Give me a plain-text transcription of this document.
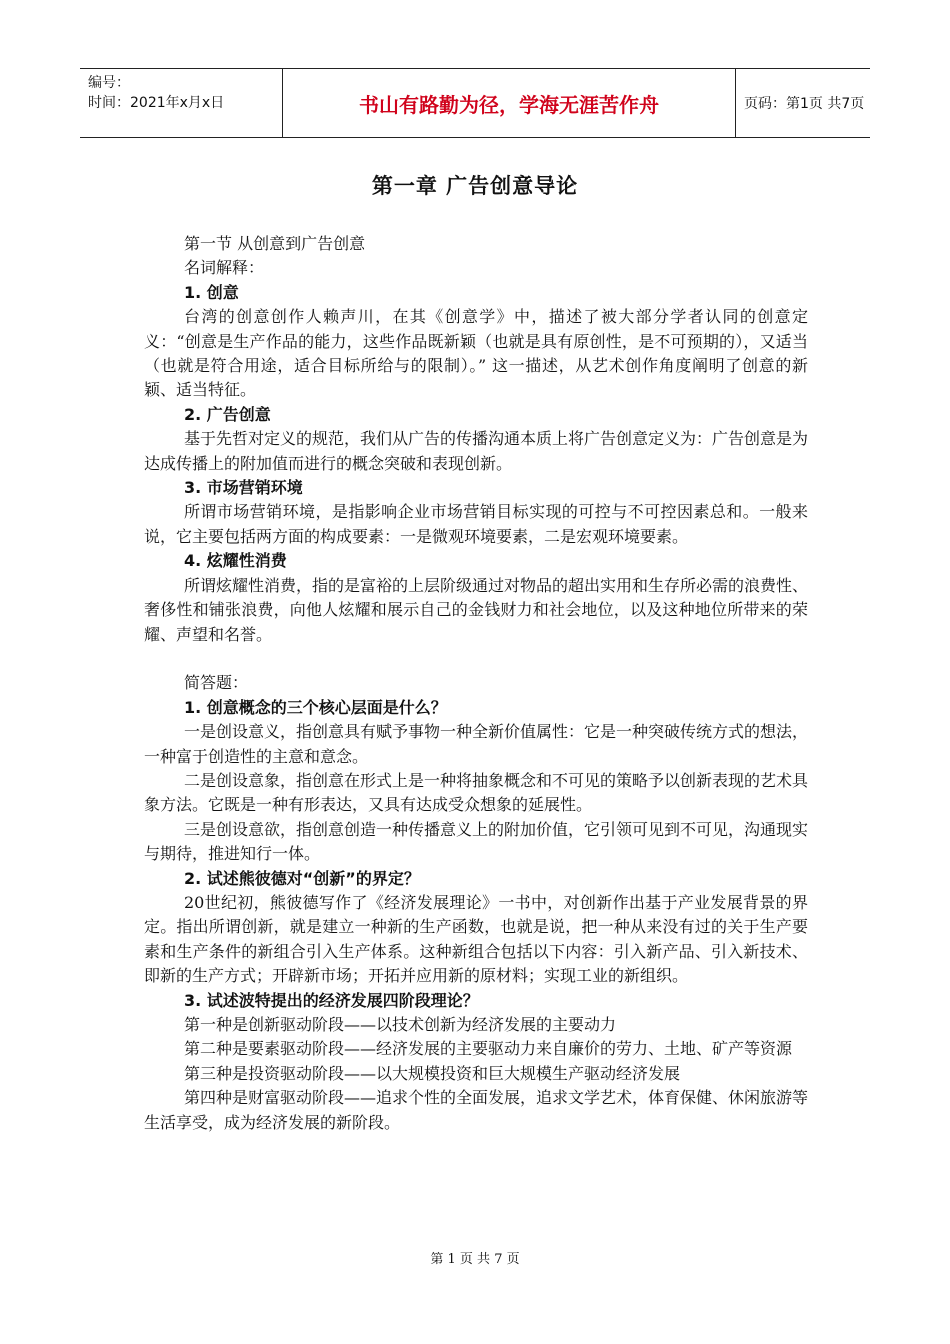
编号：
时间：2021年x月x日	书山有路勤为径，学海无涯苦作舟	页码：第1页 共7页
第一章 广告创意导论

第一节 从创意到广告创意

名词解释：

1. 创意

台湾的创意创作人赖声川，在其《创意学》中，描述了被大部分学者认同的创意定义：“创意是生产作品的能力，这些作品既新颖（也就是具有原创性，是不可预期的），又适当（也就是符合用途，适合目标所给与的限制）。” 这一描述，从艺术创作角度阐明了创意的新颖、适当特征。

2. 广告创意

基于先哲对定义的规范，我们从广告的传播沟通本质上将广告创意定义为：广告创意是为达成传播上的附加值而进行的概念突破和表现创新。

3. 市场营销环境

所谓市场营销环境，是指影响企业市场营销目标实现的可控与不可控因素总和。一般来说，它主要包括两方面的构成要素：一是微观环境要素，二是宏观环境要素。

4. 炫耀性消费

所谓炫耀性消费，指的是富裕的上层阶级通过对物品的超出实用和生存所必需的浪费性、奢侈性和铺张浪费，向他人炫耀和展示自己的金钱财力和社会地位，以及这种地位所带来的荣耀、声望和名誉。

简答题：

1. 创意概念的三个核心层面是什么？

一是创设意义，指创意具有赋予事物一种全新价值属性：它是一种突破传统方式的想法，一种富于创造性的主意和意念。

二是创设意象，指创意在形式上是一种将抽象概念和不可见的策略予以创新表现的艺术具象方法。它既是一种有形表达，又具有达成受众想象的延展性。

三是创设意欲，指创意创造一种传播意义上的附加价值，它引领可见到不可见，沟通现实与期待，推进知行一体。

2. 试述熊彼德对“创新”的界定？

20世纪初，熊彼德写作了《经济发展理论》一书中，对创新作出基于产业发展背景的界定。指出所谓创新，就是建立一种新的生产函数，也就是说，把一种从来没有过的关于生产要素和生产条件的新组合引入生产体系。这种新组合包括以下内容：引入新产品、引入新技术、即新的生产方式；开辟新市场；开拓并应用新的原材料；实现工业的新组织。

3. 试述波特提出的经济发展四阶段理论？

第一种是创新驱动阶段——以技术创新为经济发展的主要动力

第二种是要素驱动阶段——经济发展的主要驱动力来自廉价的劳力、土地、矿产等资源

第三种是投资驱动阶段——以大规模投资和巨大规模生产驱动经济发展

第四种是财富驱动阶段——追求个性的全面发展，追求文学艺术，体育保健、休闲旅游等生活享受，成为经济发展的新阶段。

第 1 页 共 7 页
